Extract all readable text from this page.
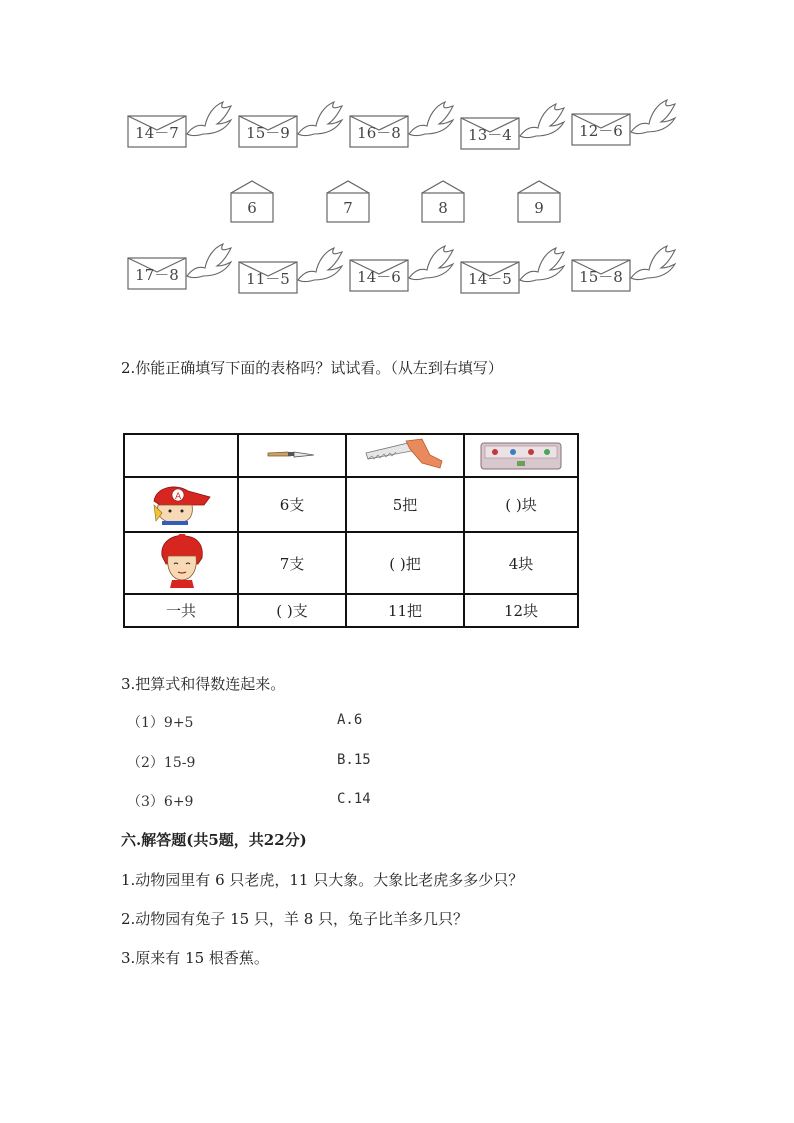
14－7	15－9	16－8	13－4	12－6
6	7	8	9
17－8	11－5	14－6	14－5	15－8
2.你能正确填写下面的表格吗？试试看。（从左到右填写）

A	6支	5把	( )块
	7支	( )把	4块
一共	( )支	11把	12块
3.把算式和得数连起来。
（1）9+5
（2）15-9
（3）6+9
A.6
B.15
C.14
六.解答题(共5题，共22分)
1.动物园里有 6 只老虎，11 只大象。大象比老虎多多少只？
2.动物园有兔子 15 只，羊 8 只，兔子比羊多几只？
3.原来有 15 根香蕉。
